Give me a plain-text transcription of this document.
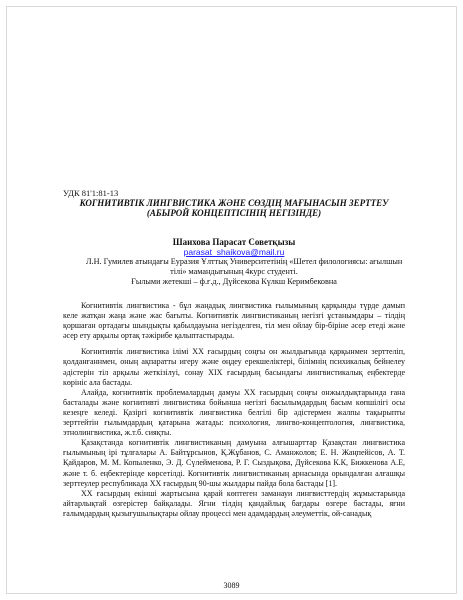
УДК 81'1:81-13

КОГНИТИВТІК ЛИНГВИСТИКА ЖӘНЕ СӨЗДІҢ МАҒЫНАСЫН ЗЕРТТЕУ

(АБЫРОЙ КОНЦЕПТІСІНІҢ НЕГІЗІНДЕ)

Шаихова Парасат Советқызы

parasat_shaikova@mail.ru

Л.Н. Гумилев атындағы Еуразия Ұлттық Университетінің «Шетел филологиясы: ағылшын

тілі» мамандығының 4курс студенті.

Ғылыми жетекші – ф.ғ.д., Дүйсекова Күлкш Керимбековна

Когнитивтік лингвистика - бұл жаңадық лингвистика ғылымының қарқынды түрде дамып келе жатқан жаңа және жас бағыты. Когнитивтік лингвистиканың негізгі ұстанымдары – тілдің қоршаған ортадағы шындықты қабылдауына негізделген, тіл мен ойлау бір-біріне әсер етеді және әсер ету арқылы ортақ тәжірибе қалыптастырады.

Когнитивтік лингвистика ілімі ХХ ғасырдың соңғы он жылдығында қарқынмен зерттеліп, қолданғаннмен, оның ақпаратты игеру және өңдеу ерекшеліктері, білімнің психикалық бейнелеу әдістерін тіл арқылы жеткізілуі, сонау ХІХ ғасырдың басындағы лингвистикалық еңбектерде көрініс ала бастады.

Алайда, когнитивтік проблемалардың дамуы ХХ ғасырдың соңғы онжылдықтарында ғана басталады және когнитивті лингвистика бойынша негізгі басылымдардың басым көпшілігі осы кезеңге келеді. Қазіргі когнитивтік лингвистика белгілі бір әдістермен жалпы тақырыпты зерттейтін ғылымдардың қатарына жатады: психология, лингво-концептология, лингвистика, этнолингвистика, ж.т.б. сияқты.

Қазақстанда когнитивтік лингвистиканың дамуына алғышарттар Қазақстан лингвистика ғылымының ірі тұлғалары А. Байтұрсынов, Қ.Жұбанов, С. Аманжолов; Е. Н. Жаңпейісов, А. Т. Қайдаров, М. М. Копыленко, Э. Д. Сүлейменова, Р. Г. Сыздықова, Дүйсекова К.К, Бижкенова А.Е, және т. б. еңбектерінде көрсетілді. Когнитивтік лингвистиканың арнасында орындалған алғашқы зерттеулер республикада ХХ ғасырдың 90-шы жылдары пайда бола бастады [1].

ХХ ғасырдың екінші жартысына қарай көптеген заманауи лингвисттердің жұмыстарында айтарлықтай өзгерістер байқалады. Ягни тілдің қандайлық бағдары өзгере бастады, яғни ғалымдардың қызығушылықтары ойлау процессі мен адамдардың әлеуметтік, ой-санадық

3089
